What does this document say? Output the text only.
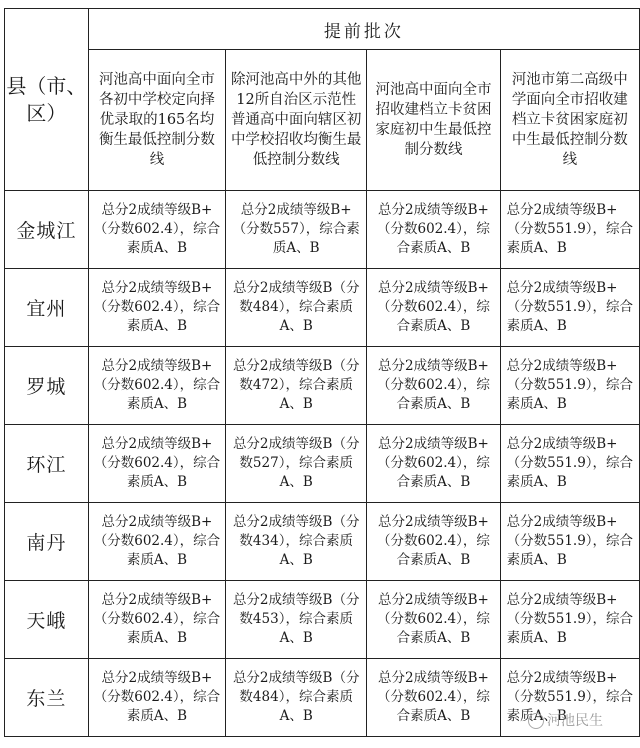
县（市、区）	提前批次			
	河池高中面向全市各初中学校定向择优录取的165名均衡生最低控制分数线	除河池高中外的其他12所自治区示范性普通高中面向辖区初中学校招收均衡生最低控制分数线	河池高中面向全市招收建档立卡贫困家庭初中生最低控制分数线	河池市第二高级中学面向全市招收建档立卡贫困家庭初中生最低控制分数线
金城江	总分2成绩等级B+（分数602.4），综合素质A、B	总分2成绩等级B+（分数557），综合素质A、B	总分2成绩等级B+（分数602.4），综合素质A、B	总分2成绩等级B+（分数551.9），综合素质A、B
宜州	总分2成绩等级B+（分数602.4），综合素质A、B	总分2成绩等级B（分数484），综合素质A、B	总分2成绩等级B+（分数602.4），综合素质A、B	总分2成绩等级B+（分数551.9），综合素质A、B
罗城	总分2成绩等级B+（分数602.4），综合素质A、B	总分2成绩等级B（分数472），综合素质A、B	总分2成绩等级B+（分数602.4），综合素质A、B	总分2成绩等级B+（分数551.9），综合素质A、B
环江	总分2成绩等级B+（分数602.4），综合素质A、B	总分2成绩等级B（分数527），综合素质A、B	总分2成绩等级B+（分数602.4），综合素质A、B	总分2成绩等级B+（分数551.9），综合素质A、B
南丹	总分2成绩等级B+（分数602.4），综合素质A、B	总分2成绩等级B（分数434），综合素质A、B	总分2成绩等级B+（分数602.4），综合素质A、B	总分2成绩等级B+（分数551.9），综合素质A、B
天峨	总分2成绩等级B+（分数602.4），综合素质A、B	总分2成绩等级B（分数453），综合素质A、B	总分2成绩等级B+（分数602.4），综合素质A、B	总分2成绩等级B+（分数551.9），综合素质A、B
东兰	总分2成绩等级B+（分数602.4），综合素质A、B	总分2成绩等级B（分数484），综合素质A、B	总分2成绩等级B+（分数602.4），综合素质A、B	总分2成绩等级B+（分数551.9），综合素质A、B
河池民生
